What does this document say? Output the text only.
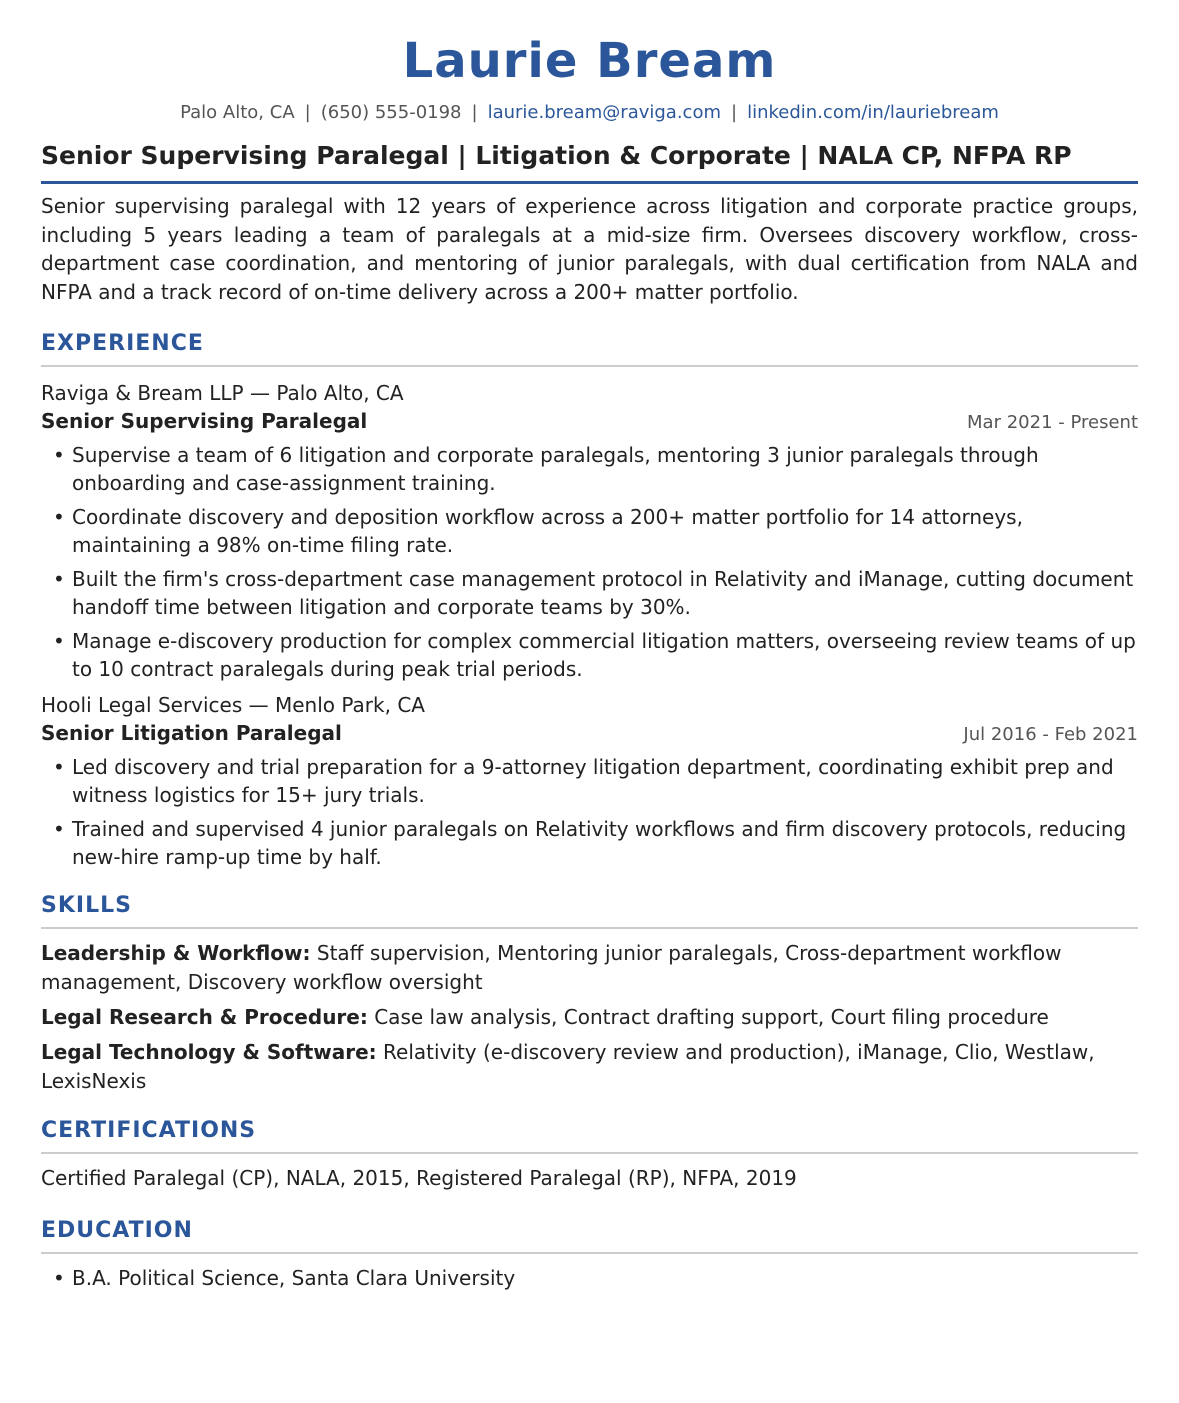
Laurie Bream
Palo Alto, CA | (650) 555-0198 | laurie.bream@raviga.com | linkedin.com/in/lauriebream
Senior Supervising Paralegal | Litigation & Corporate | NALA CP, NFPA RP
Senior supervising paralegal with 12 years of experience across litigation and corporate practice groups, including 5 years leading a team of paralegals at a mid-size firm. Oversees discovery workflow, cross-department case coordination, and mentoring of junior paralegals, with dual certification from NALA and NFPA and a track record of on-time delivery across a 200+ matter portfolio.
EXPERIENCE
Raviga & Bream LLP — Palo Alto, CA
Senior Supervising Paralegal	Mar 2021 - Present
• Supervise a team of 6 litigation and corporate paralegals, mentoring 3 junior paralegals through onboarding and case-assignment training.
• Coordinate discovery and deposition workflow across a 200+ matter portfolio for 14 attorneys, maintaining a 98% on-time filing rate.
• Built the firm's cross-department case management protocol in Relativity and iManage, cutting document handoff time between litigation and corporate teams by 30%.
• Manage e-discovery production for complex commercial litigation matters, overseeing review teams of up to 10 contract paralegals during peak trial periods.
Hooli Legal Services — Menlo Park, CA
Senior Litigation Paralegal	Jul 2016 - Feb 2021
• Led discovery and trial preparation for a 9-attorney litigation department, coordinating exhibit prep and witness logistics for 15+ jury trials.
• Trained and supervised 4 junior paralegals on Relativity workflows and firm discovery protocols, reducing new-hire ramp-up time by half.
SKILLS
Leadership & Workflow: Staff supervision, Mentoring junior paralegals, Cross-department workflow management, Discovery workflow oversight
Legal Research & Procedure: Case law analysis, Contract drafting support, Court filing procedure
Legal Technology & Software: Relativity (e-discovery review and production), iManage, Clio, Westlaw, LexisNexis
CERTIFICATIONS
Certified Paralegal (CP), NALA, 2015, Registered Paralegal (RP), NFPA, 2019
EDUCATION
• B.A. Political Science, Santa Clara University
